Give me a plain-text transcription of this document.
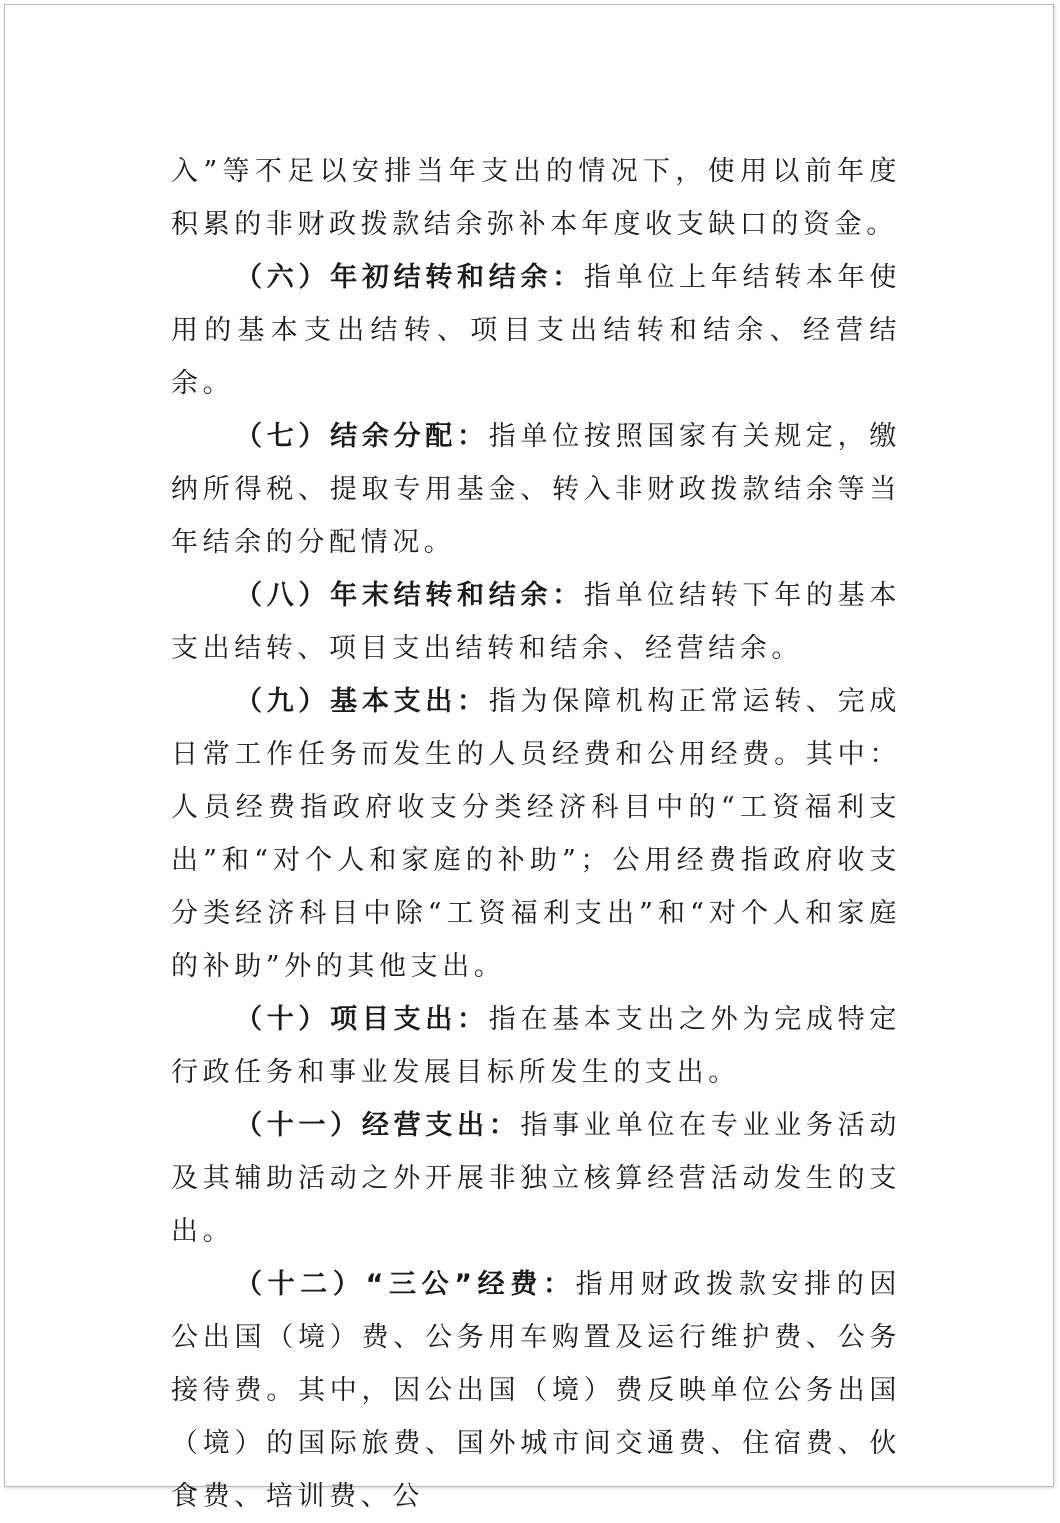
入”等不足以安排当年支出的情况下，使用以前年度积累的非财政拨款结余弥补本年度收支缺口的资金。

（六）年初结转和结余：指单位上年结转本年使用的基本支出结转、项目支出结转和结余、经营结余。

（七）结余分配：指单位按照国家有关规定，缴纳所得税、提取专用基金、转入非财政拨款结余等当年结余的分配情况。

（八）年末结转和结余：指单位结转下年的基本支出结转、项目支出结转和结余、经营结余。

（九）基本支出：指为保障机构正常运转、完成日常工作任务而发生的人员经费和公用经费。其中：人员经费指政府收支分类经济科目中的“工资福利支出”和“对个人和家庭的补助”；公用经费指政府收支分类经济科目中除“工资福利支出”和“对个人和家庭的补助”外的其他支出。

（十）项目支出：指在基本支出之外为完成特定行政任务和事业发展目标所发生的支出。

（十一）经营支出：指事业单位在专业业务活动及其辅助活动之外开展非独立核算经营活动发生的支出。

（十二）“三公”经费：指用财政拨款安排的因公出国（境）费、公务用车购置及运行维护费、公务接待费。其中，因公出国（境）费反映单位公务出国（境）的国际旅费、国外城市间交通费、住宿费、伙食费、培训费、公
